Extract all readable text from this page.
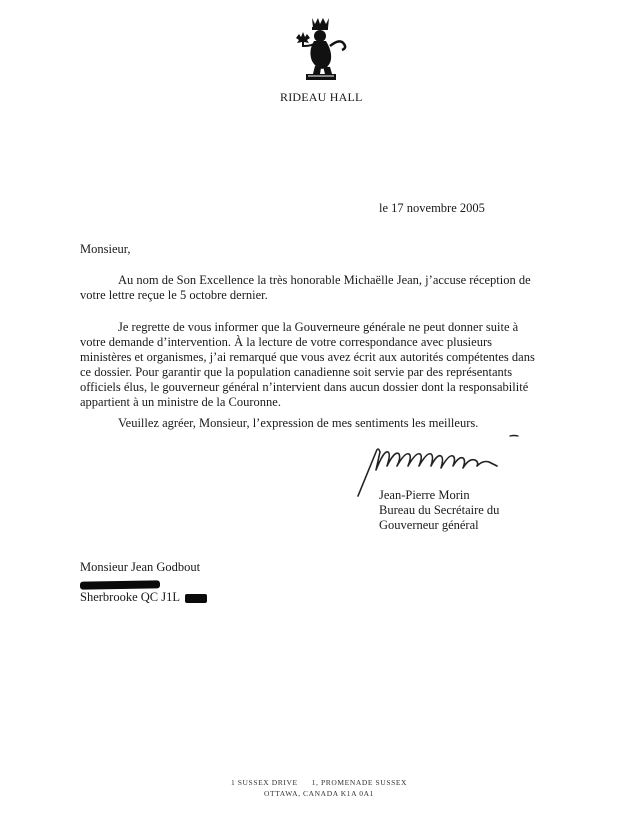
RIDEAU HALL
le 17 novembre 2005
Monsieur,
Au nom de Son Excellence la très honorable Michaëlle Jean, j’accuse réception de votre lettre reçue le 5 octobre dernier.
Je regrette de vous informer que la Gouverneure générale ne peut donner suite à votre demande d’intervention. À la lecture de votre correspondance avec plusieurs ministères et organismes, j’ai remarqué que vous avez écrit aux autorités compétentes dans ce dossier. Pour garantir que la population canadienne soit servie par des représentants officiels élus, le gouverneur général n’intervient dans aucun dossier dont la responsabilité appartient à un ministre de la Couronne.
Veuillez agréer, Monsieur, l’expression de mes sentiments les meilleurs.
Jean-Pierre Morin
Bureau du Secrétaire du
Gouverneur général
Monsieur Jean Godbout
Sherbrooke QC J1L
1 SUSSEX DRIVE 1, PROMENADE SUSSEX
OTTAWA, CANADA K1A 0A1
